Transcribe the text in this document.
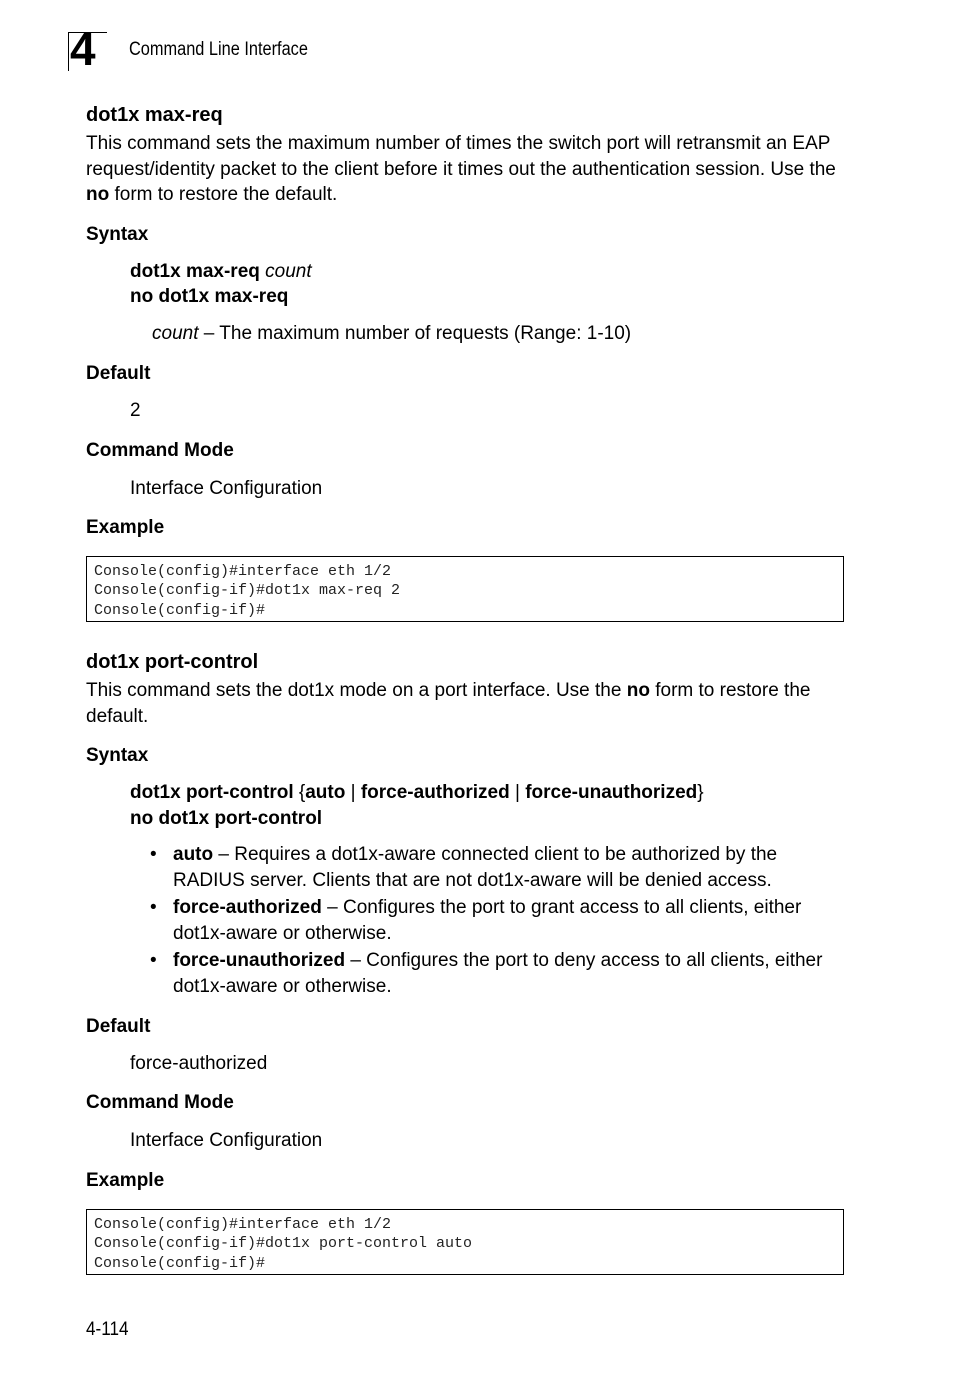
4 Command Line Interface
dot1x max-req
This command sets the maximum number of times the switch port will retransmit an EAP request/identity packet to the client before it times out the authentication session. Use the no form to restore the default.
Syntax
dot1x max-req count
no dot1x max-req
count – The maximum number of requests (Range: 1-10)
Default
2
Command Mode
Interface Configuration
Example
Console(config)#interface eth 1/2
Console(config-if)#dot1x max-req 2
Console(config-if)#
dot1x port-control
This command sets the dot1x mode on a port interface. Use the no form to restore the default.
Syntax
dot1x port-control {auto | force-authorized | force-unauthorized}
no dot1x port-control
• auto – Requires a dot1x-aware connected client to be authorized by the RADIUS server. Clients that are not dot1x-aware will be denied access.
• force-authorized – Configures the port to grant access to all clients, either dot1x-aware or otherwise.
• force-unauthorized – Configures the port to deny access to all clients, either dot1x-aware or otherwise.
Default
force-authorized
Command Mode
Interface Configuration
Example
Console(config)#interface eth 1/2
Console(config-if)#dot1x port-control auto
Console(config-if)#
4-114
